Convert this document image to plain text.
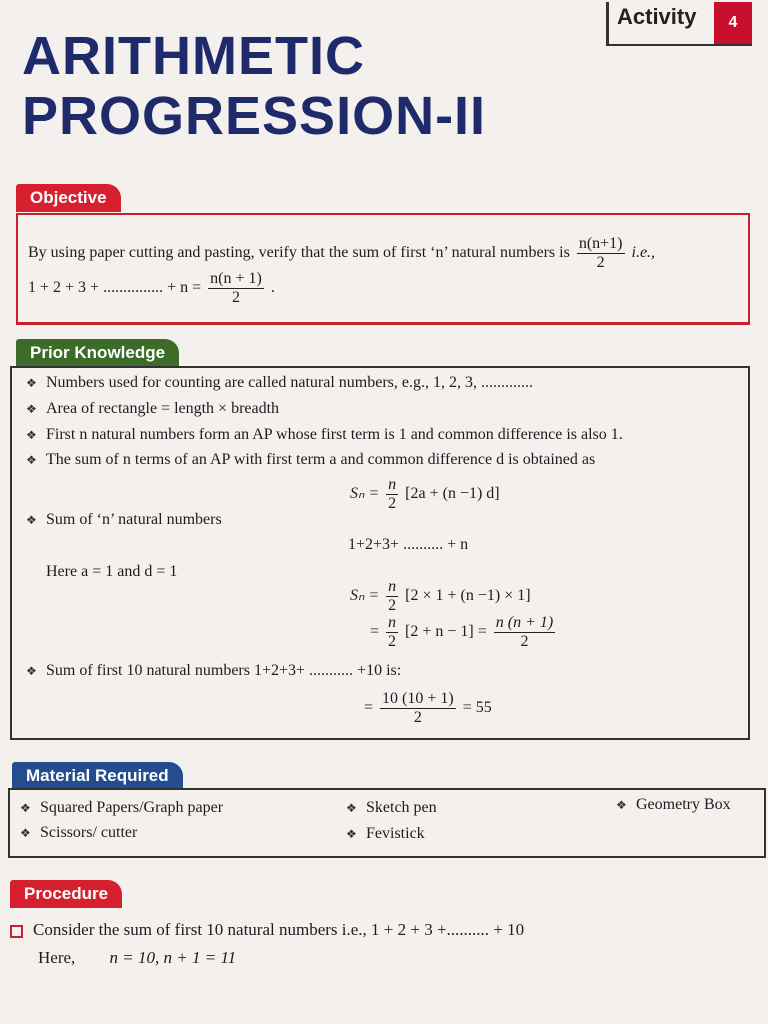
Activity	4
ARITHMETIC
PROGRESSION-II
Objective
By using paper cutting and pasting, verify that the sum of first ‘n’ natural numbers is $\frac{n(n+1)}{2} i.e$.,
1 + 2 + 3 + ............... + $n = \frac{n(n + 1)}{2}$ .
Prior Knowledge
❖ Numbers used for counting are called natural numbers, e.g., 1, 2, 3, .............
❖ Area of rectangle = length × breadth
❖ First n natural numbers form an AP whose first term is 1 and common difference is also 1.
❖ The sum of n terms of an AP with first term a and common difference d is obtained as
$S_n = \frac{n}{2} [2a + (n -1)$ d]
❖ Sum of ‘n’ natural numbers
1+2+3+ .......... + n
Here a = 1 and d = 1
$S_n = \frac{n}{2} [2 \times 1 + (n -1) \times 1]$
= $\frac{n}{2} [2 + n - 1] = \frac{n (n + 1)}{2}$
❖ Sum of first 10 natural numbers 1+2+3+ ........... +10 is:
= $\frac{10 (10 + 1)}{2} = 55$
Material Required
❖ Squared Papers/Graph paper
❖ Scissors/ cutter
❖ Sketch pen
❖ Fevistick
❖ Geometry Box
Procedure
Consider the sum of first 10 natural numbers i.e., 1 + 2 + 3 +.......... + 10
Here, n = 10, n + 1 = 11
